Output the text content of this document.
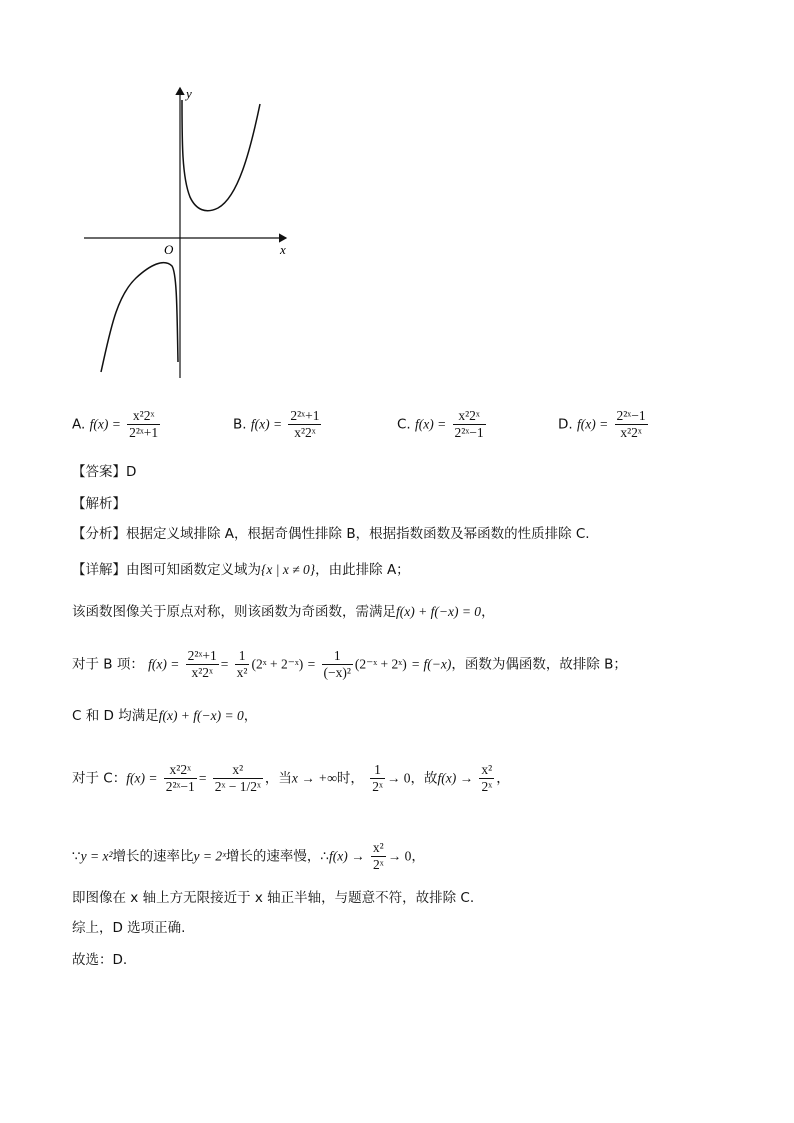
y
x
O
A. $f(x) = \frac{\text{x²2ˣ}}{\text{2²ˣ+1}}$	B. $f(x) = \frac{\text{2²ˣ+1}}{\text{x²2ˣ}}$	C. $f(x) = \frac{\text{x²2ˣ}}{\text{2²ˣ−1}}$	D. $f(x) = \frac{\text{2²ˣ−1}}{\text{x²2ˣ}}$
【答案】D
【解析】
【分析】根据定义域排除 A，根据奇偶性排除 B，根据指数函数及幂函数的性质排除 C.
【详解】由图可知函数定义域为{x | x ≠ 0}，由此排除 A；
该函数图像关于原点对称，则该函数为奇函数，需满足f(x) + f(−x) = 0，
对于 B 项： $f(x) = \frac{\text{2²ˣ+1}}{\text{x²2ˣ}} = \frac{1}{\text{x²}}$ (2ˣ + 2⁻ˣ) = $\frac{1}{\text{(−x)²}}$ (2⁻ˣ + 2ˣ) = f(−x)，函数为偶函数，故排除 B；
C 和 D 均满足f(x) + f(−x) = 0，
对于 C：$f(x) = \frac{\text{x²2ˣ}}{\text{2²ˣ−1}} = \frac{\text{x²}}{\text{2ˣ − 1/2ˣ}}$ ，当x → +∞时， $\frac{1}{\text{2ˣ}} \to 0$，故$f(x) \to \frac{\text{x²}}{\text{2ˣ}}$ ，
∵y = x²增长的速率比y = 2ˣ增长的速率慢，∴f(x) → $\frac{\text{x²}}{\text{2ˣ}} \to 0$，
即图像在 x 轴上方无限接近于 x 轴正半轴，与题意不符，故排除 C.
综上，D 选项正确.
故选：D.
